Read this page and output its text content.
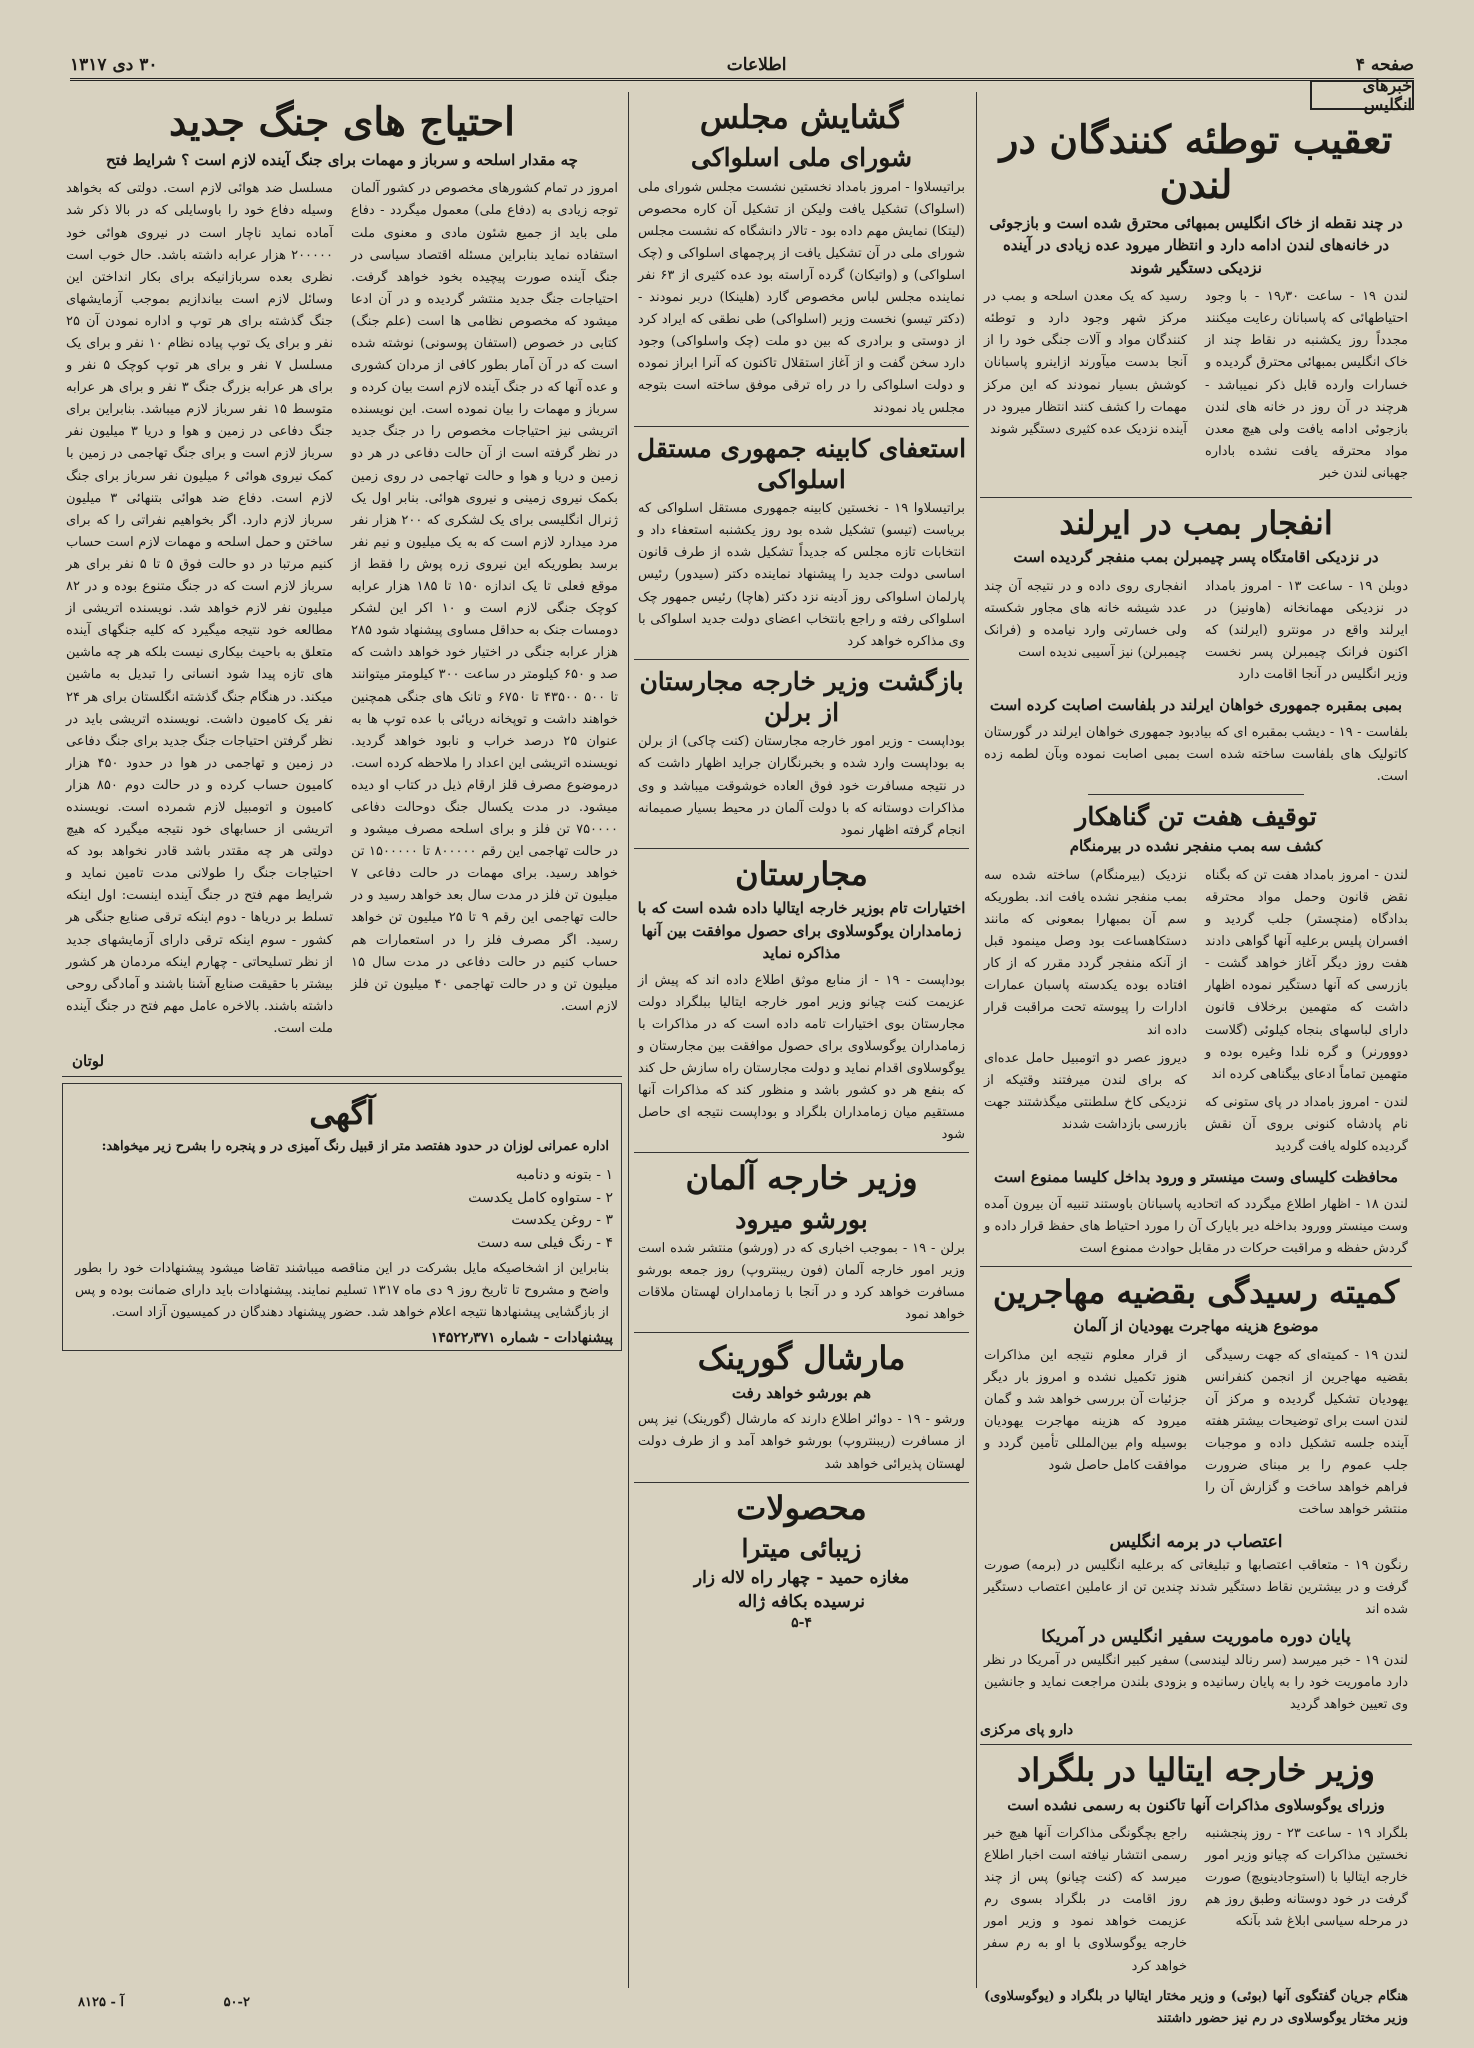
صفحه ۴
اطلاعات
۳۰ دی ۱۳۱۷
خبرهای انگلیس
تعقیب توطئه کنندگان در لندن
در چند نقطه از خاک انگلیس بمبهائی محترق شده است و بازجوئی در خانه‌های لندن ادامه دارد و انتظار میرود عده زیادی در آینده نزدیکی دستگیر شوند
لندن ۱۹ - ساعت ۱۹٫۳۰ - با وجود احتیاطهائی که پاسبانان رعایت میکنند مجدداً روز یکشنبه در نقاط چند از خاک انگلیس بمبهائی محترق گردیده و خسارات وارده قابل ذکر نمیباشد - هرچند در آن روز در خانه های لندن بازجوئی ادامه یافت ولی هیچ معدن مواد محترقه یافت نشده باداره جهبانی لندن خبر
رسید که یک معدن اسلحه و بمب در مرکز شهر وجود دارد و توطئه کنندگان مواد و آلات جنگی خود را از آنجا بدست میآورند ازاینرو پاسبانان کوشش بسیار نمودند که این مرکز مهمات را کشف کنند انتظار میرود در آینده نزدیک عده کثیری دستگیر شوند
انفجار بمب در ایرلند
در نزدیکی اقامتگاه پسر چیمبرلن بمب منفجر گردیده است
دوبلن ۱۹ - ساعت ۱۳ - امروز بامداد در نزدیکی مهمانخانه (هاونیز) در ایرلند واقع در مونترو (ایرلند) که اکنون فرانک چیمبرلن پسر نخست وزیر انگلیس در آنجا اقامت دارد
انفجاری روی داده و در نتیجه آن چند عدد شیشه خانه های مجاور شکسته ولی خسارتی وارد نیامده و (فرانک چیمبرلن) نیز آسیبی ندیده است
بمبی بمقبره جمهوری خواهان ایرلند در بلفاست اصابت کرده است
بلفاست - ۱۹ - دیشب بمقبره ای که بیادبود جمهوری خواهان ایرلند در گورستان کاتولیک های بلفاست ساخته شده است بمبی اصابت نموده وبآن لطمه زده است.
توقیف هفت تن گناهکار
کشف سه بمب منفجر نشده در بیرمنگام
لندن - امروز بامداد هفت تن که بگناه نقض قانون وحمل مواد محترقه بدادگاه (منچستر) جلب گردید و افسران پلیس برعلیه آنها گواهی دادند هفت روز دیگر آغاز خواهد گشت - بازرسی که آنها دستگیر نموده اظهار داشت که متهمین برخلاف قانون دارای لباسهای بنجاه کیلوئی (گلاست دووورنر) و گره نلدا وغیره بوده و متهمین تماماً ادعای بیگناهی کرده اند
لندن - امروز بامداد در پای ستونی که نام پادشاه کنونی بروی آن نقش گردیده کلوله یافت گردید
نزدیک (بیرمنگام) ساخته شده سه بمب منفجر نشده یافت اند. بطوریکه سم آن بمبهارا بمعونی که مانند دستکاهساعت بود وصل مینمود قبل از آنکه منفجر گردد مقرر که از کار افتاده بوده یکدسته پاسبان عمارات ادارات را پیوسته تحت مراقبت قرار داده اند
دیروز عصر دو اتومبیل حامل عده‌ای که برای لندن میرفتند وقتیکه از نزدیکی کاخ سلطنتی میگذشتند جهت بازرسی بازداشت شدند
محافظت کلیسای وست مینستر و ورود بداخل کلیسا ممنوع است
لندن ۱۸ - اظهار اطلاع میگردد که اتحادیه پاسبانان باوستند تنبیه آن بیرون آمده وست مینستر وورود بداخله دیر بایارک آن را مورد احتیاط های حفظ قرار داده و گردش حفظه و مراقبت حرکات در مقابل حوادث ممنوع است
کمیته رسیدگی بقضیه مهاجرین
موضوع هزینه مهاجرت یهودیان از آلمان
لندن ۱۹ - کمیته‌ای که جهت رسیدگی بقضیه مهاجرین از انجمن کنفرانس یهودیان تشکیل گردیده و مرکز آن لندن است برای توضیحات بیشتر هفته آینده جلسه تشکیل داده و موجبات جلب عموم را بر مبنای ضرورت فراهم خواهد ساخت و گزارش آن را منتشر خواهد ساخت
از قرار معلوم نتیجه این مذاکرات هنوز تکمیل نشده و امروز بار دیگر جزئیات آن بررسی خواهد شد و گمان میرود که هزینه مهاجرت یهودیان بوسیله وام بین‌المللی تأمین گردد و موافقت کامل حاصل شود
اعتصاب در برمه انگلیس
رنگون ۱۹ - متعاقب اعتصابها و تبلیغاتی که برعلیه انگلیس در (برمه) صورت گرفت و در بیشترین نقاط دستگیر شدند چندین تن از عاملین اعتصاب دستگیر شده اند
پایان دوره ماموریت سفیر انگلیس در آمریکا
لندن ۱۹ - خبر میرسد (سر رنالد لیندسی) سفیر کبیر انگلیس در آمریکا در نظر دارد ماموریت خود را به پایان رسانیده و بزودی بلندن مراجعت نماید و جانشین وی تعیین خواهد گردید
دارو پای مرکزی
وزیر خارجه ایتالیا در بلگراد
وزرای یوگوسلاوی مذاکرات آنها تاکنون به رسمی نشده است
بلگراد ۱۹ - ساعت ۲۳ - روز پنجشنبه نخستین مذاکرات که چیانو وزیر امور خارجه ایتالیا با (استوجادینویچ) صورت گرفت در خود دوستانه وطبق روز هم در مرحله سیاسی ابلاغ شد بآنکه
راجع بچگونگی مذاکرات آنها هیچ خبر رسمی انتشار نیافته است اخبار اطلاع میرسد که (کنت چیانو) پس از چند روز اقامت در بلگراد بسوی رم عزیمت خواهد نمود و وزیر امور خارجه یوگوسلاوی با او به رم سفر خواهد کرد
هنگام جریان گفتگوی آنها (بوئی) و وزیر مختار ایتالیا در بلگراد و (یوگوسلاوی) وزیر مختار یوگوسلاوی در رم نیز حضور داشتند
گشایش مجلس
شورای ملی اسلواکی
براتیسلاوا - امروز بامداد نخستین نشست مجلس شورای ملی (اسلواک) تشکیل یافت ولیکن از تشکیل آن کاره محصوص (لیتکا) نمایش مهم داده بود - تالار دانشگاه که نشست مجلس شورای ملی در آن تشکیل یافت از پرچمهای اسلواکی و (چک اسلواکی) و (واتیکان) گرده آراسته بود عده کثیری از ۶۳ نفر نماینده مجلس لباس مخصوص گارد (هلینکا) دربر نمودند - (دکتر تیسو) نخست وزیر (اسلواکی) طی نطقی که ایراد کرد از دوستی و برادری که بین دو ملت (چک واسلواکی) وجود دارد سخن گفت و از آغاز استقلال تاکنون که آنرا ابراز نموده و دولت اسلواکی را در راه ترقی موفق ساخته است بتوجه مجلس یاد نمودند
استعفای کابینه جمهوری مستقل اسلواکی
براتیسلاوا ۱۹ - نخستین کابینه جمهوری مستقل اسلواکی که بریاست (تیسو) تشکیل شده بود روز یکشنبه استعفاء داد و انتخابات تازه مجلس که جدیداً تشکیل شده از طرف قانون اساسی دولت جدید را پیشنهاد نماینده دکتر (سیدور) رئیس پارلمان اسلواکی روز آدینه نزد دکتر (هاچا) رئیس جمهور چک اسلواکی رفته و راجع بانتخاب اعضای دولت جدید اسلواکی با وی مذاکره خواهد کرد
بازگشت وزیر خارجه مجارستان از برلن
بوداپست - وزیر امور خارجه مجارستان (کنت چاکی) از برلن به بوداپست وارد شده و بخبرنگاران جراید اظهار داشت که در نتیجه مسافرت خود فوق العاده خوشوقت میباشد و وی مذاکرات دوستانه که با دولت آلمان در محیط بسیار صمیمانه انجام گرفته اظهار نمود
مجارستان
اختیارات تام بوزیر خارجه ایتالیا داده شده است که با زمامداران یوگوسلاوی برای حصول موافقت بین آنها مذاکره نماید
بوداپست - ۱۹ - از منابع موثق اطلاع داده اند که پیش از عزیمت کنت چیانو وزیر امور خارجه ایتالیا ببلگراد دولت مجارستان بوی اختیارات تامه داده است که در مذاکرات با زمامداران یوگوسلاوی برای حصول موافقت بین مجارستان و یوگوسلاوی اقدام نماید و دولت مجارستان راه سازش حل کند که بنفع هر دو کشور باشد و منظور کند که مذاکرات آنها مستقیم میان زمامداران بلگراد و بوداپست نتیجه ای حاصل شود
وزیر خارجه آلمان
بورشو میرود
برلن - ۱۹ - بموجب اخباری که در (ورشو) منتشر شده است وزیر امور خارجه آلمان (فون ریبنتروپ) روز جمعه بورشو مسافرت خواهد کرد و در آنجا با زمامداران لهستان ملاقات خواهد نمود
مارشال گورینک
هم بورشو خواهد رفت
ورشو - ۱۹ - دوائر اطلاع دارند که مارشال (گورینک) نیز پس از مسافرت (ریبنتروپ) بورشو خواهد آمد و از طرف دولت لهستان پذیرائی خواهد شد
محصولات
زیبائی میترا
مغازه حمید - چهار راه لاله زار
نرسیده بکافه ژاله
۵-۴
احتیاج های جنگ جدید
چه مقدار اسلحه و سرباز و مهمات برای جنگ آینده لازم است ؟ شرایط فتح
امروز در تمام کشورهای مخصوص در کشور آلمان توجه زیادی به (دفاع ملی) معمول میگردد - دفاع ملی باید از جمیع شئون مادی و معنوی ملت استفاده نماید بنابراین مسئله اقتصاد سیاسی در جنگ آینده صورت پیچیده بخود خواهد گرفت. احتیاجات جنگ جدید منتشر گردیده و در آن ادعا میشود که مخصوص نظامی ها است (علم جنگ) کتابی در خصوص (استفان پوسونی) نوشته شده است که در آن آمار بطور کافی از مردان کشوری و عده آنها که در جنگ آینده لازم است بیان کرده و سرباز و مهمات را بیان نموده است. این نویسنده اتریشی نیز احتیاجات مخصوص را در جنگ جدید در نظر گرفته است از آن حالت دفاعی در هر دو زمین و دریا و هوا و حالت تهاجمی در روی زمین بکمک نیروی زمینی و نیروی هوائی. بنابر اول یک ژنرال انگلیسی برای یک لشکری که ۲۰۰ هزار نفر مرد میدارد لازم است که به یک میلیون و نیم نفر برسد بطوریکه این نیروی زره پوش را فقط از موقع فعلی تا یک اندازه ۱۵۰ تا ۱۸۵ هزار عرابه کوچک جنگی لازم است و ۱۰ اکر این لشکر دومسات جنک به حداقل مساوی پیشنهاد شود ۲۸۵ هزار عرابه جنگی در اختیار خود خواهد داشت که صد و ۶۵۰ کیلومتر در ساعت ۳۰۰ کیلومتر میتوانند تا ۵۰۰ ۴۳۵۰۰ تا ۶۷۵۰ و تانک های جنگی همچنین خواهند داشت و توپخانه دریائی با عده توپ ها به عنوان ۲۵ درصد خراب و نابود خواهد گردید. نویسنده اتریشی این اعداد را ملاحظه کرده است. درموضوع مصرف قلز ارقام ذیل در کتاب او دیده میشود. در مدت یکسال جنگ دوحالت دفاعی ۷۵۰۰۰۰ تن فلز و برای اسلحه مصرف میشود و در حالت تهاجمی این رقم ۸۰۰۰۰۰ تا ۱۵۰۰۰۰۰ تن خواهد رسید. برای مهمات در حالت دفاعی ۷ میلیون تن فلز در مدت سال بعد خواهد رسید و در حالت تهاجمی این رقم ۹ تا ۲۵ میلیون تن خواهد رسید. اگر مصرف فلز را در استعمارات هم حساب کنیم در حالت دفاعی در مدت سال ۱۵ میلیون تن و در حالت تهاجمی ۴۰ میلیون تن فلز لازم است.
مسلسل ضد هوائی لازم است. دولتی که بخواهد وسیله دفاع خود را باوسایلی که در بالا ذکر شد آماده نماید ناچار است در نیروی هوائی خود ۲۰۰۰۰۰ هزار عرابه داشته باشد. حال خوب است نظری بعده سربازانیکه برای بکار انداختن این وسائل لازم است بیاندازیم بموجب آزمایشهای جنگ گذشته برای هر توپ و اداره نمودن آن ۲۵ نفر و برای یک توپ پیاده نظام ۱۰ نفر و برای یک مسلسل ۷ نفر و برای هر توپ کوچک ۵ نفر و برای هر عرابه بزرگ جنگ ۳ نفر و برای هر عرابه متوسط ۱۵ نفر سرباز لازم میباشد. بنابراین برای جنگ دفاعی در زمین و هوا و دریا ۳ میلیون نفر سرباز لازم است و برای جنگ تهاجمی در زمین با کمک نیروی هوائی ۶ میلیون نفر سرباز برای جنگ لازم است. دفاع ضد هوائی بتنهائی ۳ میلیون سرباز لازم دارد. اگر بخواهیم نفراتی را که برای ساختن و حمل اسلحه و مهمات لازم است حساب کنیم مرتبا در دو حالت فوق ۵ تا ۵ نفر برای هر سرباز لازم است که در جنگ متنوع بوده و در ۸۲ میلیون نفر لازم خواهد شد. نویسنده اتریشی از مطالعه خود نتیجه میگیرد که کلیه جنگهای آینده متعلق به باحیث بیکاری نیست بلکه هر چه ماشین های تازه پیدا شود انسانی را تبدیل به ماشین میکند. در هنگام جنگ گذشته انگلستان برای هر ۲۴ نفر یک کامیون داشت. نویسنده اتریشی باید در نظر گرفتن احتیاجات جنگ جدید برای جنگ دفاعی در زمین و تهاجمی در هوا در حدود ۴۵۰ هزار کامیون حساب کرده و در حالت دوم ۸۵۰ هزار کامیون و اتومبیل لازم شمرده است. نویسنده اتریشی از حسابهای خود نتیجه میگیرد که هیچ دولتی هر چه مقتدر باشد قادر نخواهد بود که احتیاجات جنگ را طولانی مدت تامین نماید و شرایط مهم فتح در جنگ آینده اینست: اول اینکه تسلط بر دریاها - دوم اینکه ترقی صنایع جنگی هر کشور - سوم اینکه ترقی دارای آزمایشهای جدید از نظر تسلیحاتی - چهارم اینکه مردمان هر کشور بیشتر با حقیقت صنایع آشنا باشند و آمادگی روحی داشته باشند. بالاخره عامل مهم فتح در جنگ آینده ملت است.
لوتان
آگهی
اداره عمرانی لوزان در حدود هفتصد متر از قبیل رنگ آمیزی در و پنجره را بشرح زیر میخواهد:
۱ - بتونه و دنامبه
۲ - ستواوه کامل یکدست
۳ - روغن یکدست
۴ - رنگ فیلی سه دست
بنابراین از اشخاصیکه مایل بشرکت در این مناقصه میباشند تقاضا میشود پیشنهادات خود را بطور واضح و مشروح تا تاریخ روز ۹ دی ماه ۱۳۱۷ تسلیم نمایند. پیشنهادات باید دارای ضمانت بوده و پس از بازگشایی پیشنهادها نتیجه اعلام خواهد شد. حضور پیشنهاد دهندگان در کمیسیون آزاد است.
پیشنهادات - شماره ۱۴۵۲۲٫۳۷۱
۵۰-۲                      آ - ۸۱۲۵
